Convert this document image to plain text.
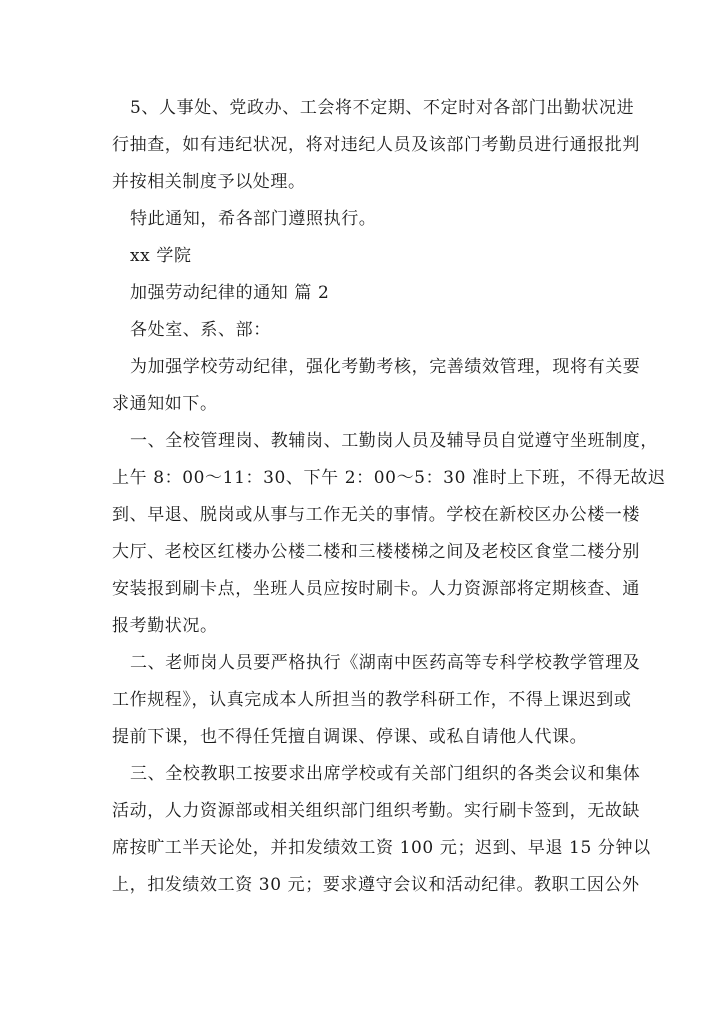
5、人事处、党政办、工会将不定期、不定时对各部门出勤状况进
行抽查，如有违纪状况，将对违纪人员及该部门考勤员进行通报批判
并按相关制度予以处理。
特此通知，希各部门遵照执行。
xx 学院
加强劳动纪律的通知 篇 2
各处室、系、部：
为加强学校劳动纪律，强化考勤考核，完善绩效管理，现将有关要
求通知如下。
一、全校管理岗、教辅岗、工勤岗人员及辅导员自觉遵守坐班制度，
上午 8：00～11：30、下午 2：00～5：30 准时上下班，不得无故迟
到、早退、脱岗或从事与工作无关的事情。学校在新校区办公楼一楼
大厅、老校区红楼办公楼二楼和三楼楼梯之间及老校区食堂二楼分别
安装报到刷卡点，坐班人员应按时刷卡。人力资源部将定期核查、通
报考勤状况。
二、老师岗人员要严格执行《湖南中医药高等专科学校教学管理及
工作规程》，认真完成本人所担当的教学科研工作，不得上课迟到或
提前下课，也不得任凭擅自调课、停课、或私自请他人代课。
三、全校教职工按要求出席学校或有关部门组织的各类会议和集体
活动，人力资源部或相关组织部门组织考勤。实行刷卡签到，无故缺
席按旷工半天论处，并扣发绩效工资 100 元；迟到、早退 15 分钟以
上，扣发绩效工资 30 元；要求遵守会议和活动纪律。教职工因公外
